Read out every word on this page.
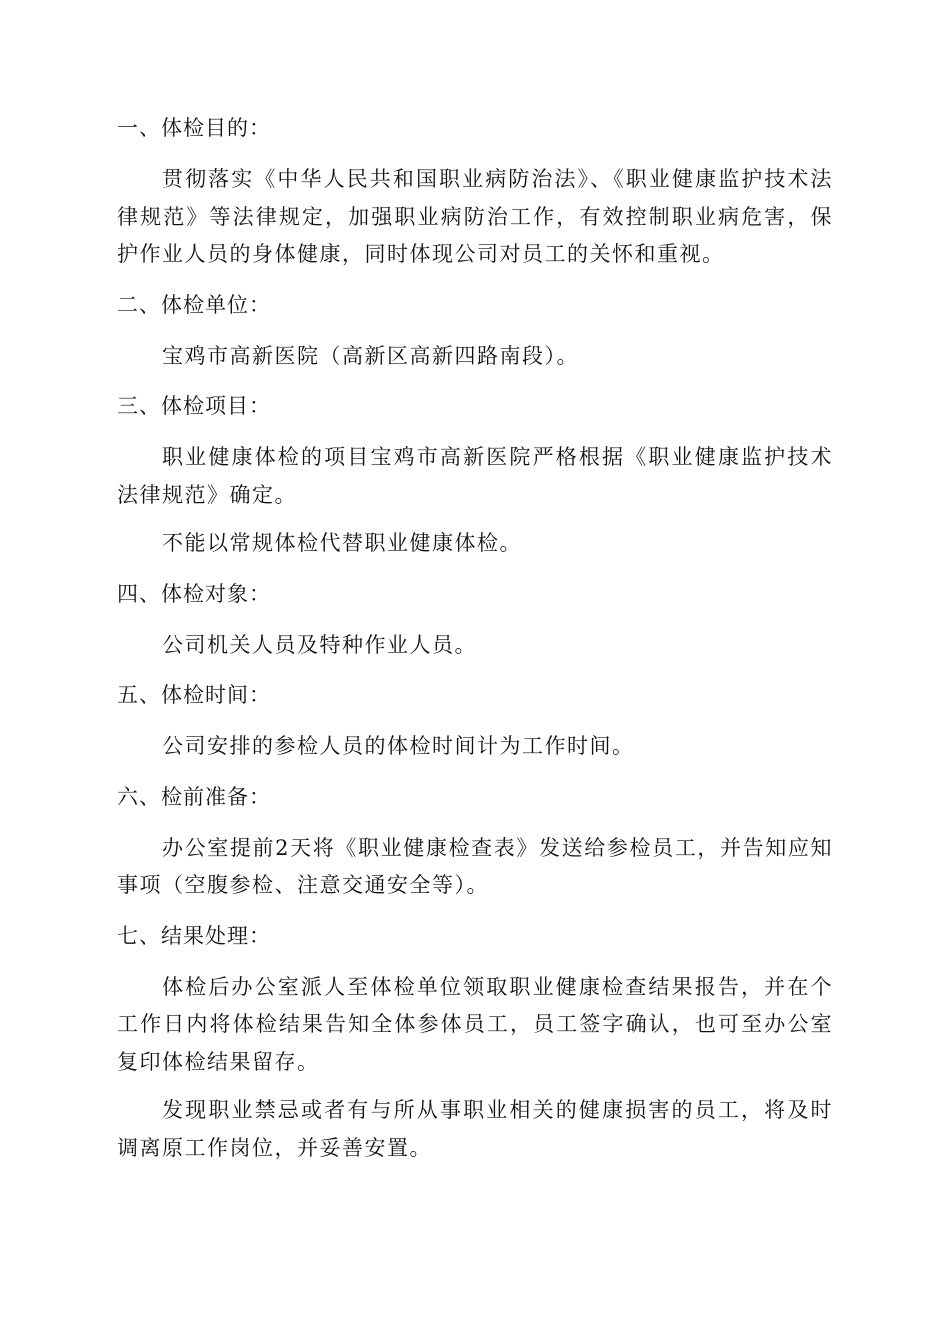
一、体检目的：
贯彻落实《中华人民共和国职业病防治法》、《职业健康监护技术法律规范》等法律规定，加强职业病防治工作，有效控制职业病危害，保护作业人员的身体健康，同时体现公司对员工的关怀和重视。
二、体检单位：
宝鸡市高新医院（高新区高新四路南段）。
三、体检项目：
职业健康体检的项目宝鸡市高新医院严格根据《职业健康监护技术法律规范》确定。
不能以常规体检代替职业健康体检。
四、体检对象：
公司机关人员及特种作业人员。
五、体检时间：
公司安排的参检人员的体检时间计为工作时间。
六、检前准备：
办公室提前2天将《职业健康检查表》发送给参检员工，并告知应知事项（空腹参检、注意交通安全等）。
七、结果处理：
体检后办公室派人至体检单位领取职业健康检查结果报告，并在个工作日内将体检结果告知全体参体员工，员工签字确认，也可至办公室复印体检结果留存。
发现职业禁忌或者有与所从事职业相关的健康损害的员工，将及时调离原工作岗位，并妥善安置。
